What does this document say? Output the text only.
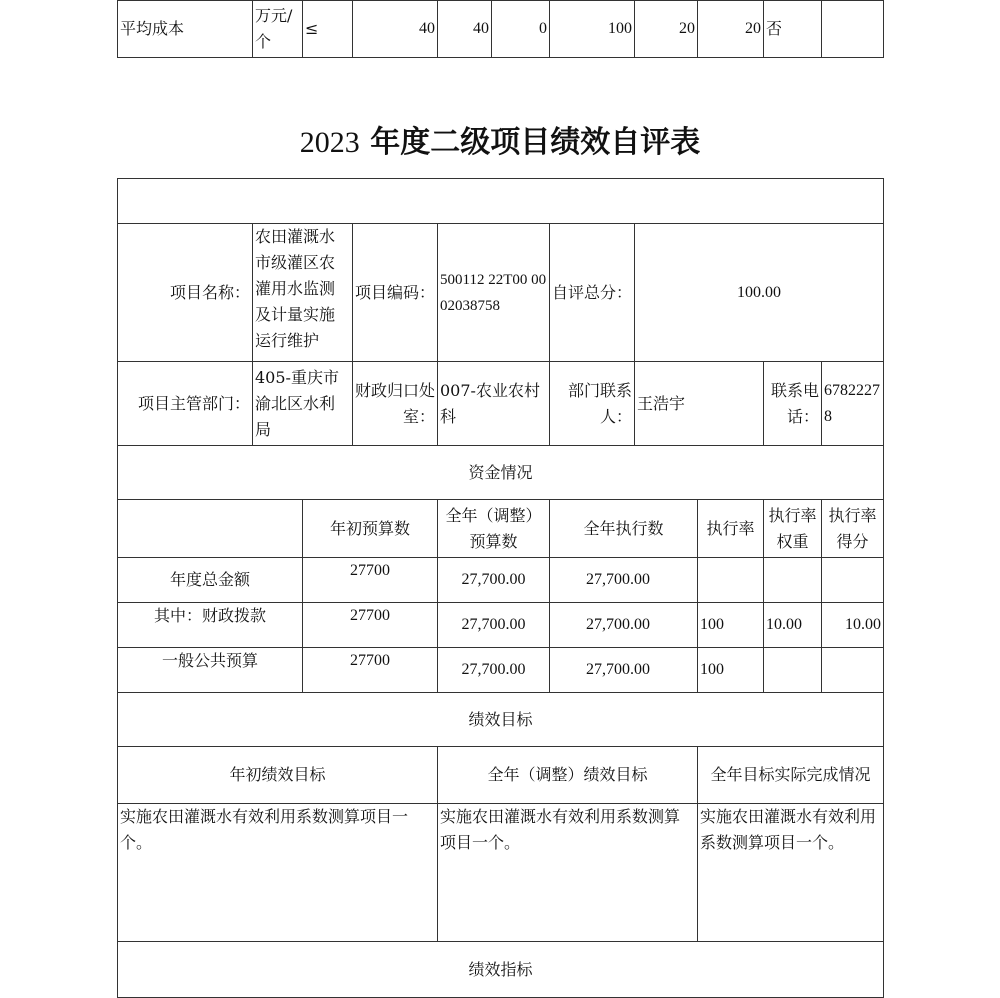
平均成本	万元/个	≤	40	40	0	100	20	20	否	
2023 年度二级项目绩效自评表

项目名称：	农田灌溉水市级灌区农灌用水监测及计量实施运行维护		项目编码：	500112 22T00 0002038758	自评总分：	100.00			
项目主管部门：	405-重庆市渝北区水利局		财政归口处室：	007-农业农村科	部门联系人：	王浩宇		联系电话：	67822278
资金情况									
		年初预算数		全年（调整）预算数	全年执行数		执行率	执行率权重	执行率得分
年度总金额		27700		27,700.00	27,700.00				
其中：财政拨款		27700		27,700.00	27,700.00		100	10.00	10.00
一般公共预算		27700		27,700.00	27,700.00		100		
绩效目标									
年初绩效目标				全年（调整）绩效目标			全年目标实际完成情况		
实施农田灌溉水有效利用系数测算项目一个。				实施农田灌溉水有效利用系数测算项目一个。			实施农田灌溉水有效利用系数测算项目一个。		
绩效指标									
